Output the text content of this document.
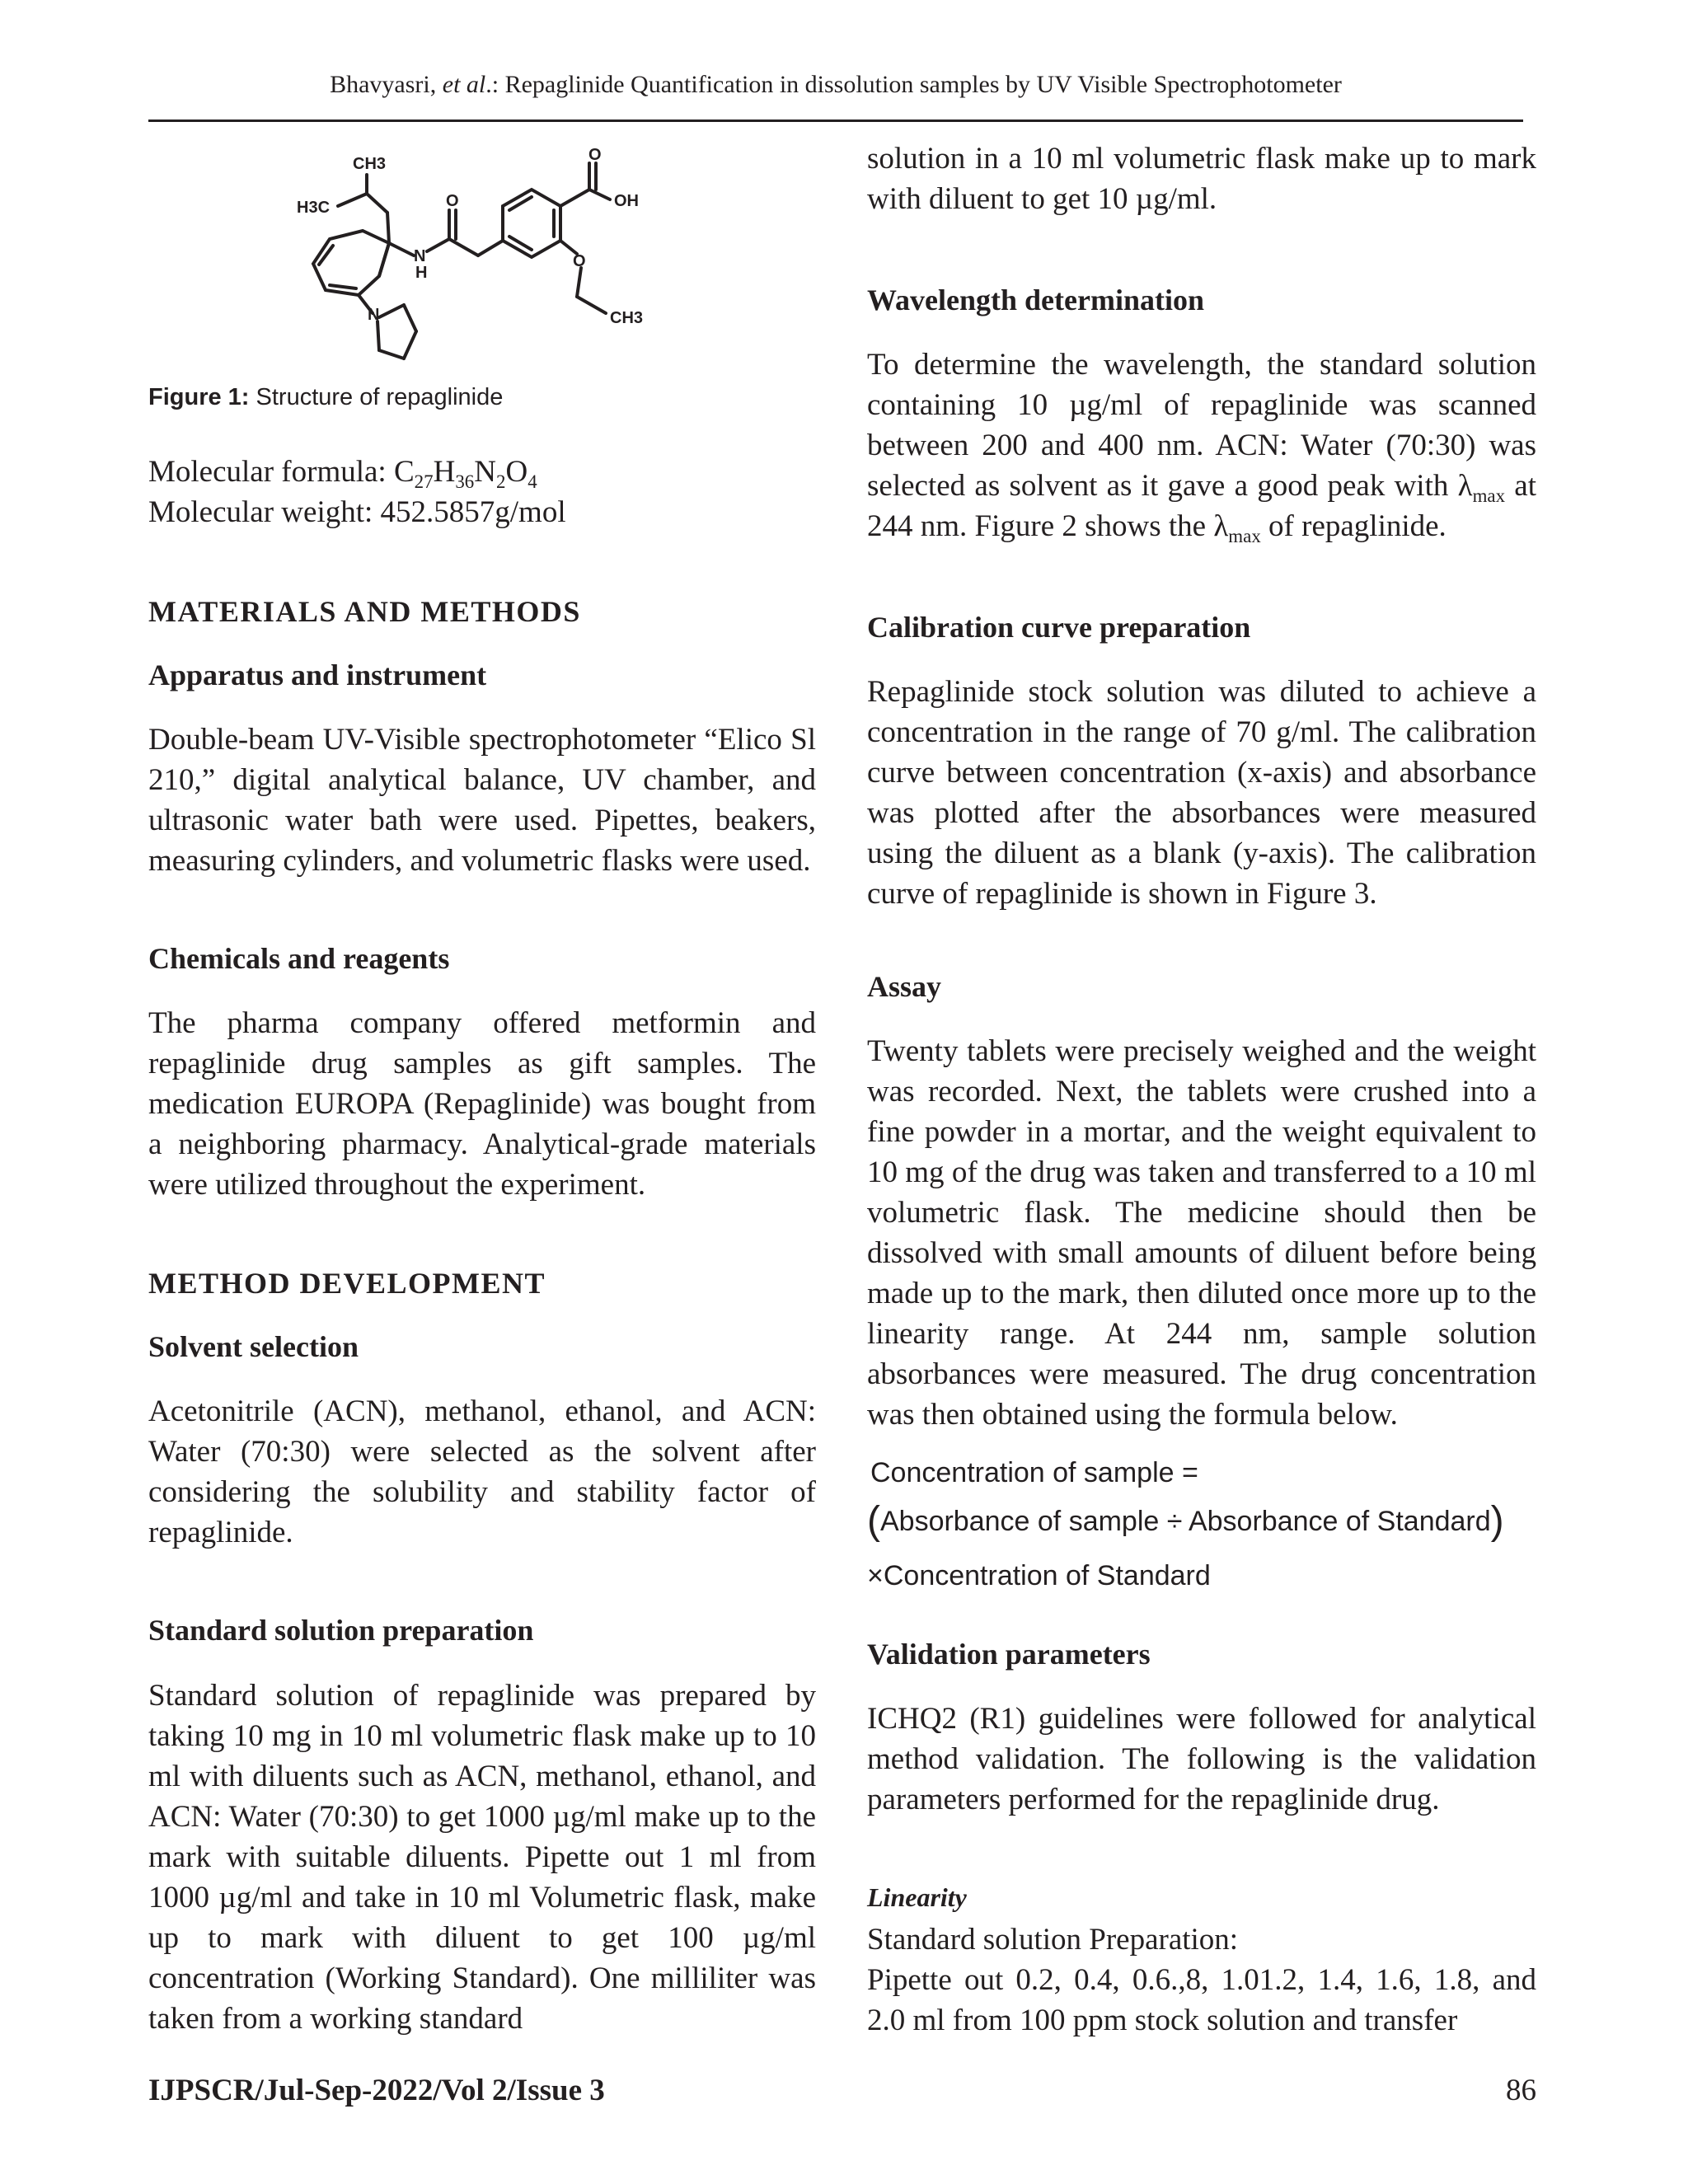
Bhavyasri, et al.: Repaglinide Quantification in dissolution samples by UV Visible Spectrophotometer
CH3
H3C	O	OH
N
H
N
O
CH3
O
Figure 1: Structure of repaglinide
Molecular formula: $C_{27}H_{36}N_2O_4$
Molecular weight: 452.5857g/mol
MATERIALS AND METHODS
Apparatus and instrument

Double-beam UV-Visible spectrophotometer “Elico Sl 210,” digital analytical balance, UV chamber, and ultrasonic water bath were used. Pipettes, beakers, measuring cylinders, and volumetric flasks were used.

Chemicals and reagents

The pharma company offered metformin and repaglinide drug samples as gift samples. The medication EUROPA (Repaglinide) was bought from a neighboring pharmacy. Analytical-grade materials were utilized throughout the experiment.

METHOD DEVELOPMENT
Solvent selection

Acetonitrile (ACN), methanol, ethanol, and ACN: Water (70:30) were selected as the solvent after considering the solubility and stability factor of repaglinide.

Standard solution preparation

Standard solution of repaglinide was prepared by taking 10 mg in 10 ml volumetric flask make up to 10 ml with diluents such as ACN, methanol, ethanol, and ACN: Water (70:30) to get 1000 µg/ml make up to the mark with suitable diluents. Pipette out 1 ml from 1000 µg/ml and take in 10 ml Volumetric flask, make up to mark with diluent to get 100 µg/ml concentration (Working Standard). One milliliter was taken from a working standard

solution in a 10 ml volumetric flask make up to mark with diluent to get 10 µg/ml.

Wavelength determination

To determine the wavelength, the standard solution containing 10 µg/ml of repaglinide was scanned between 200 and 400 nm. ACN: Water (70:30) was selected as solvent as it gave a good peak with $\lambda_{max}$ at 244 nm. Figure 2 shows the $\lambda_{max}$ of repaglinide.

Calibration curve preparation

Repaglinide stock solution was diluted to achieve a concentration in the range of 70 g/ml. The calibration curve between concentration (x-axis) and absorbance was plotted after the absorbances were measured using the diluent as a blank (y-axis). The calibration curve of repaglinide is shown in Figure 3.

Assay

Twenty tablets were precisely weighed and the weight was recorded. Next, the tablets were crushed into a fine powder in a mortar, and the weight equivalent to 10 mg of the drug was taken and transferred to a 10 ml volumetric flask. The medicine should then be dissolved with small amounts of diluent before being made up to the mark, then diluted once more up to the linearity range. At 244 nm, sample solution absorbances were measured. The drug concentration was then obtained using the formula below.

Concentration of sample =
(Absorbance of sample ÷ Absorbance of Standard)
×Concentration of Standard
Validation parameters

ICHQ2 (R1) guidelines were followed for analytical method validation. The following is the validation parameters performed for the repaglinide drug.

Linearity
Standard solution Preparation:

Pipette out 0.2, 0.4, 0.6.,8, 1.01.2, 1.4, 1.6, 1.8, and 2.0 ml from 100 ppm stock solution and transfer

IJPSCR/Jul-Sep-2022/Vol 2/Issue 3	86
